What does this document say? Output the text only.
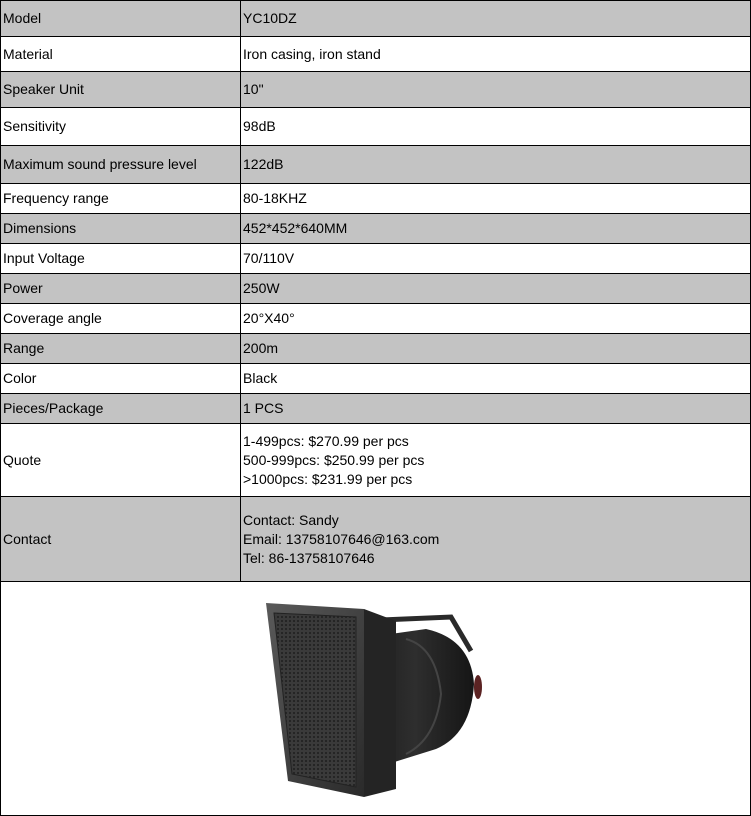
Model	YC10DZ
Material	Iron casing, iron stand
Speaker Unit	10"
Sensitivity	98dB
Maximum sound pressure level	122dB
Frequency range	80-18KHZ
Dimensions	452*452*640MM
Input Voltage	70/110V
Power	250W
Coverage angle	20°X40°
Range	200m
Color	Black
Pieces/Package	1 PCS
Quote	1-499pcs: $270.99 per pcs
500-999pcs: $250.99 per pcs
>1000pcs: $231.99 per pcs

Contact	Contact: Sandy
Email: 13758107646@163.com
Tel: 86-13758107646
